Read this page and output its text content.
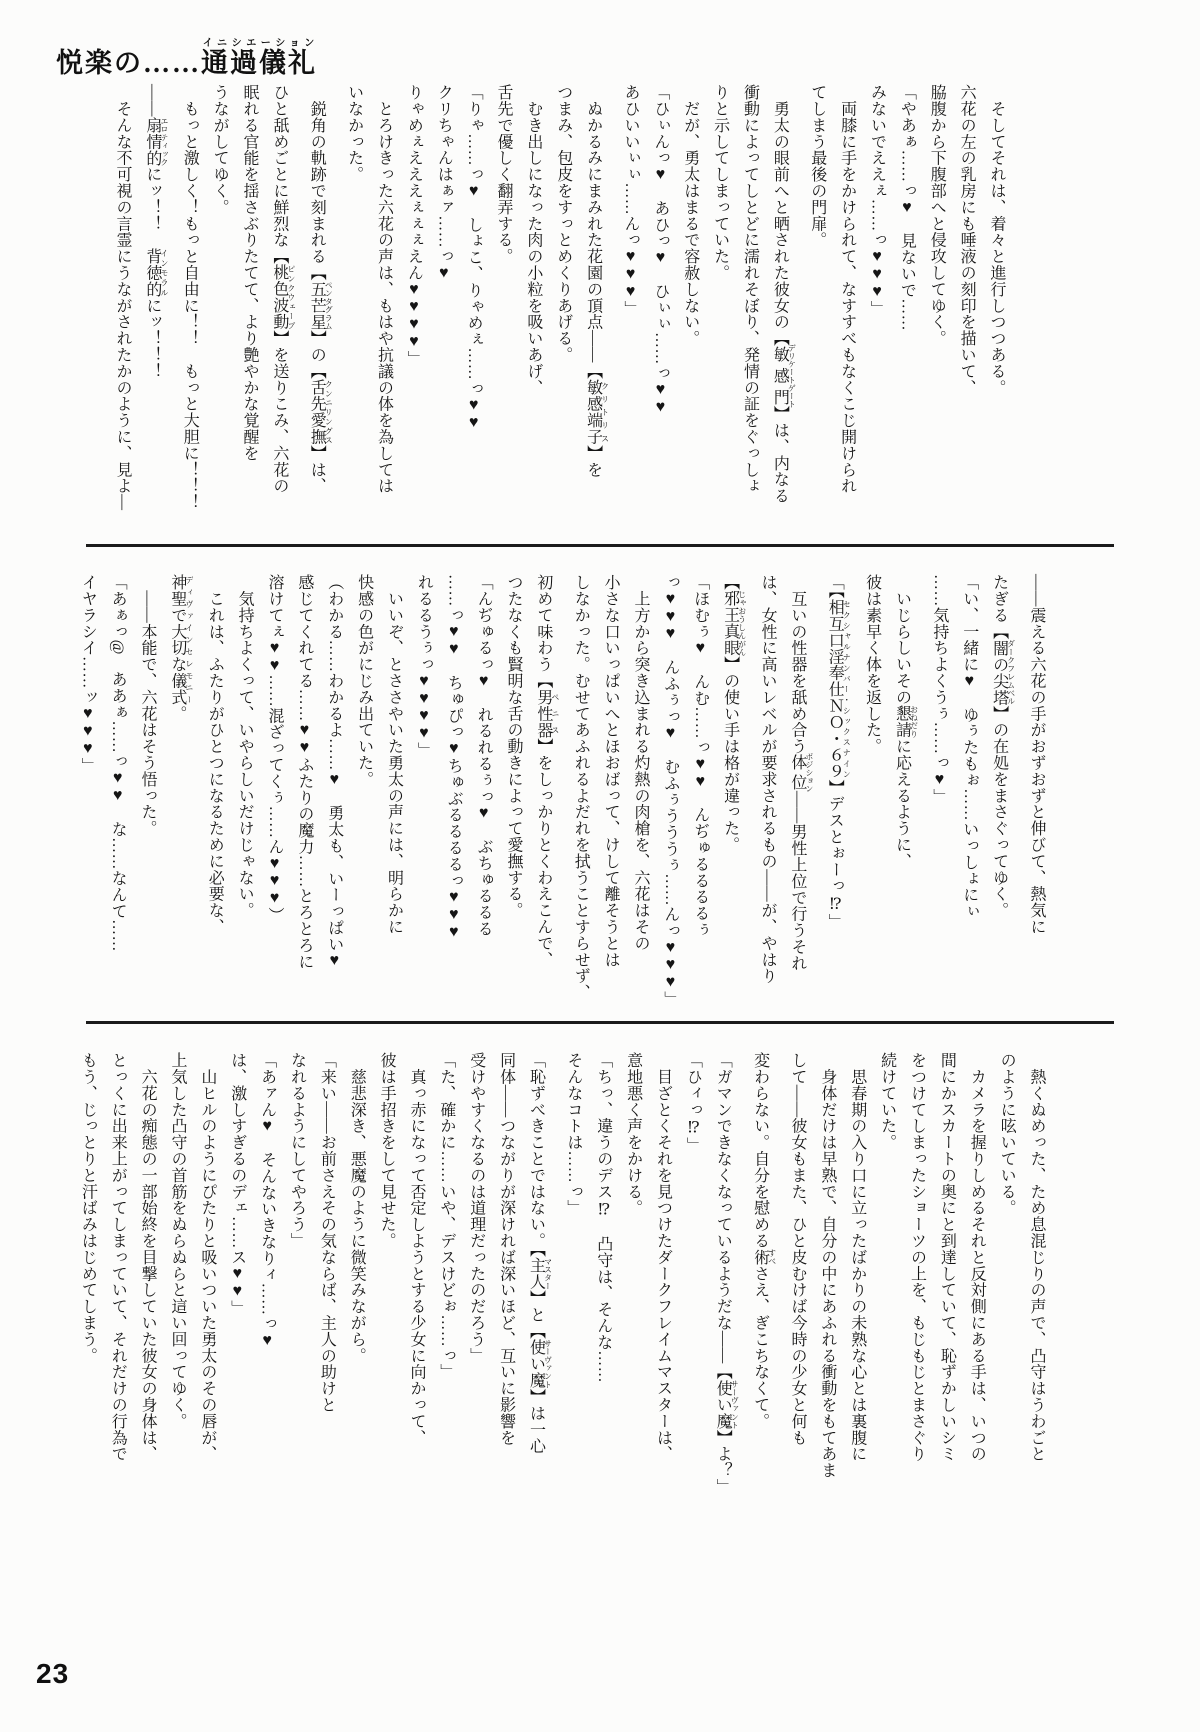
悦楽の……通過儀礼イニシエーション

　そしてそれは、着々と進行しつつある。

六花の左の乳房にも唾液の刻印を描いて、

脇腹から下腹部へと侵攻してゆく。

「やあぁ……っ♥　見ないで……

みないでええぇ……っ♥♥♥」

　両膝に手をかけられて、なすすべもなくこじ開けられ

てしまう最後の門扉。

　勇太の眼前へと晒された彼女の【敏感門 デリケートゲート】は、内なる

衝動によってしとどに濡れそぼり、発情の証をぐっしょ

りと示してしまっていた。

　だが、勇太はまるで容赦しない。

「ひぃんっ♥　あひっ♥　ひぃぃ……っ♥♥

あひいいぃぃ……んっ♥♥♥」

　ぬかるみにまみれた花園の頂点――【敏感端子 クリトリス】を

つまみ、包皮をすっとめくりあげる。

　むき出しになった肉の小粒を吸いあげ、

舌先で優しく翻弄する。

「りゃ……っ♥　しょこ、りゃめぇ……っ♥♥

クリちゃんはぁァ……っ♥

りゃめぇえええぇぇぇえん♥♥♥♥」

　とろけきった六花の声は、もはや抗議の体を為しては

いなかった。

　鋭角の軌跡で刻まれる【五芒星 ペンタグラム】の【舌先愛撫 クンニリングス】は、

ひと舐めごとに鮮烈な【桃色波動 ピンクウェーブ】を送りこみ、六花の

眠れる官能を揺さぶりたてて、より艶やかな覚醒を

うながしてゆく。

　もっと激しく！もっと自由に！！　もっと大胆に！！！

――扇情的 エロティックにッ！！　背徳的 インモラルにッ！！！

　そんな不可視の言霊にうながされたかのように、見よ―

――震える六花の手がおずおずと伸びて、熱気に

たぎる【闇の尖塔 ダークフレムベル】の在処をまさぐってゆく。

「い、一緒に♥　ゆぅたもぉ……いっしょにぃ

……気持ちよくうぅ……っ♥」

　いじらしいその懇請 おねだりに応えるように、

彼は素早く体を返した。

「【相互口淫奉仕ＮＯ・６９ セクシャルナンバー・シックスナイン】デスとぉーっ⁉」

　互いの性器を舐め合う体位 ポジション――男性上位で行うそれ

は、女性に高いレベルが要求されるもの――が、やはり

【邪王真眼 じゃおうしんがん】の使い手は格が違った。

「ほむぅ♥　んむ……っ♥♥　んぢゅるるるるぅ

っ♥♥♥　んふぅっ♥　むふぅうううぅ……んっ♥♥♥」

　上方から突き込まれる灼熱の肉槍を、六花はその

小さな口いっぱいへとほおばって、けして離そうとは

しなかった。むせてあふれるよだれを拭うことすらせず、

初めて味わう【男性器 ペニス】をしっかりとくわえこんで、

つたなくも賢明な舌の動きによって愛撫する。

「んぢゅるっ♥　れるれるぅっ♥　ぶちゅるるる

……っ♥♥　ちゅぴっ♥ちゅぶるるるるっ♥♥♥

れるるうぅっ♥♥♥♥」

　いいぞ、とささやいた勇太の声には、明らかに

快感の色がにじみ出ていた。

（わかる……わかるよ……♥　勇太も、いーっぱい♥

感じてくれてる……♥♥ふたりの魔力……とろとろに

溶けてぇ♥♥……混ざってくぅ……ん♥♥♥）

　気持ちよくって、いやらしいだけじゃない。

　これは、ふたりがひとつになるために必要な、

神聖で大切な儀式 ディヴァインセレモニー。

　――本能で、六花はそう悟った。

「あぁっ@　ああぁ……っ♥♥　な……なんて……

イヤラシイ……ッ♥♥♥」

　熱くぬめった、ため息混じりの声で、凸守はうわごと

のように呟いている。

　カメラを握りしめるそれと反対側にある手は、いつの

間にかスカートの奥にと到達していて、恥ずかしいシミ

をつけてしまったショーツの上を、もじもじとまさぐり

続けていた。

　思春期の入り口に立ったばかりの未熟な心とは裏腹に

　身体だけは早熟で、自分の中にあふれる衝動をもてあま

して――彼女もまた、ひと皮むけば今時の少女と何も

変わらない。自分を慰める術 すべさえ、ぎこちなくて。

「ガマンできなくなっているようだな――【使い魔 サーヴァント】よ？」

「ひィっ⁉」

　目ざとくそれを見つけたダークフレイムマスターは、

意地悪く声をかける。

「ちっ、違うのデス⁉　凸守は、そんな……

そんなコトは……っ」

「恥ずべきことではない。【主人 マスター】と【使い魔 サーヴァント】は一心

同体――つながりが深ければ深いほど、互いに影響を

受けやすくなるのは道理だったのだろう」

「た、確かに……いや、デスけどぉ……っ」

　真っ赤になって否定しようとする少女に向かって、

彼は手招きをして見せた。

　慈悲深き、悪魔のように微笑みながら。

「来い――お前さえその気ならば、主人の助けと

なれるようにしてやろう」

「あァん♥　そんないきなりィ……っ♥

は、激しすぎるのデェ……ス♥♥」

　山ヒルのようにぴたりと吸いついた勇太のその唇が、

上気した凸守の首筋をぬらぬらと這い回ってゆく。

　六花の痴態の一部始終を目撃していた彼女の身体は、

とっくに出来上がってしまっていて、それだけの行為で

もう、じっとりと汗ばみはじめてしまう。

23
